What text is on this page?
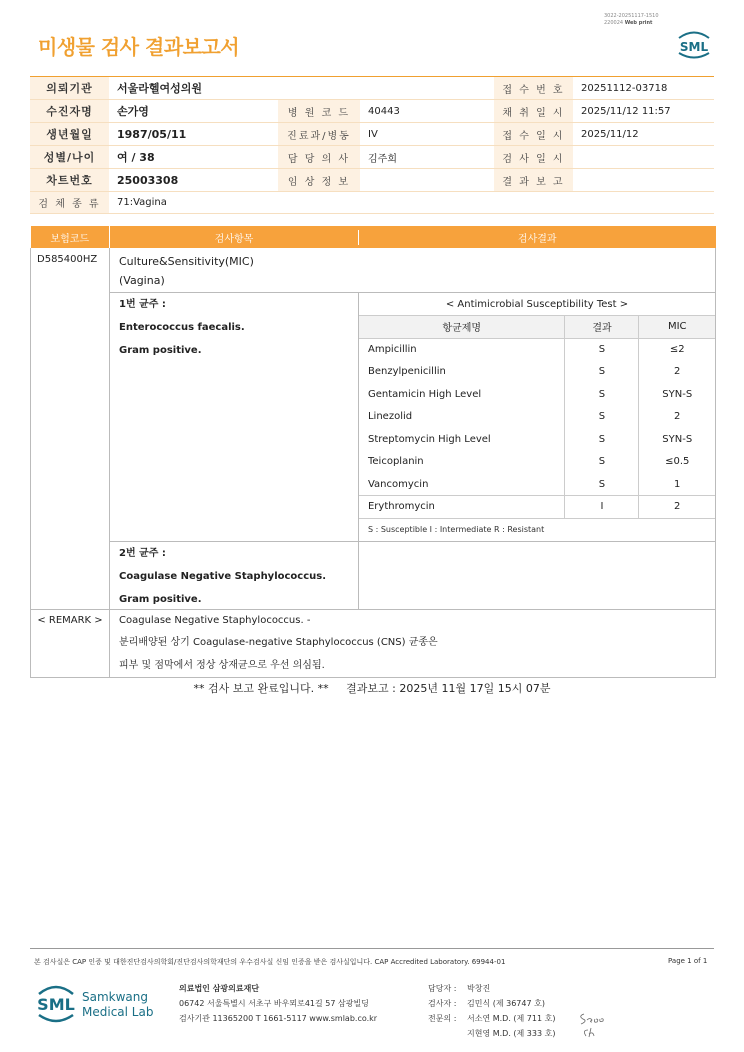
미생물 검사 결과보고서
3022-20251117-1510
220024 Web print
SML
의뢰기관	서울라헬여성의원			접 수 번 호	20251112-03718
수진자명	손가영	병 원 코 드	40443	채 취 일 시	2025/11/12 11:57
생년월일	1987/05/11	진료과/병동	IV	접 수 일 시	2025/11/12
성별/나이	여 / 38	담 당 의 사	김주희	검 사 일 시	
차트번호	25003308	임 상 정 보		결 과 보 고	
검 체 종 류	71:Vagina				
보험코드	검사항목	검사결과

D585400HZ	Culture&Sensitivity(MIC)
(Vagina)
1번 균주 :
Enterococcus faecalis.
Gram positive.
< Antimicrobial Susceptibility Test >
항균제명	결과	MIC
Ampicillin	S	≤2
Benzylpenicillin	S	2
Gentamicin High Level	S	SYN-S
Linezolid	S	2
Streptomycin High Level	S	SYN-S
Teicoplanin	S	≤0.5
Vancomycin	S	1
Erythromycin	I	2
S : Susceptible I : Intermediate R : Resistant
2번 균주 :
Coagulase Negative Staphylococcus.
Gram positive.

< REMARK >	Coagulase Negative Staphylococcus. -
분리배양된 상기 Coagulase-negative Staphylococcus (CNS) 균종은
피부 및 점막에서 정상 상재균으로 우선 의심됨.
** 검사 보고 완료입니다. **     결과보고 : 2025년 11월 17일 15시 07분
본 검사실은 CAP 인증 및 대한진단검사의학회/진단검사의학재단의 우수검사실 신임 인증을 받은 검사실입니다. CAP Accredited Laboratory. 69944-01	Page 1 of 1
SML Samkwang
Medical Lab
의료법인 삼광의료재단
06742 서울특별시 서초구 바우뫼로41길 57 삼광빌딩
검사기관 11365200 T 1661-5117 www.smlab.co.kr
담당자 :	박창진
검사자 :	김민식 (제 36747 호)
전문의 :	서소연 M.D. (제 711 호)
지현영 M.D. (제 333 호)
